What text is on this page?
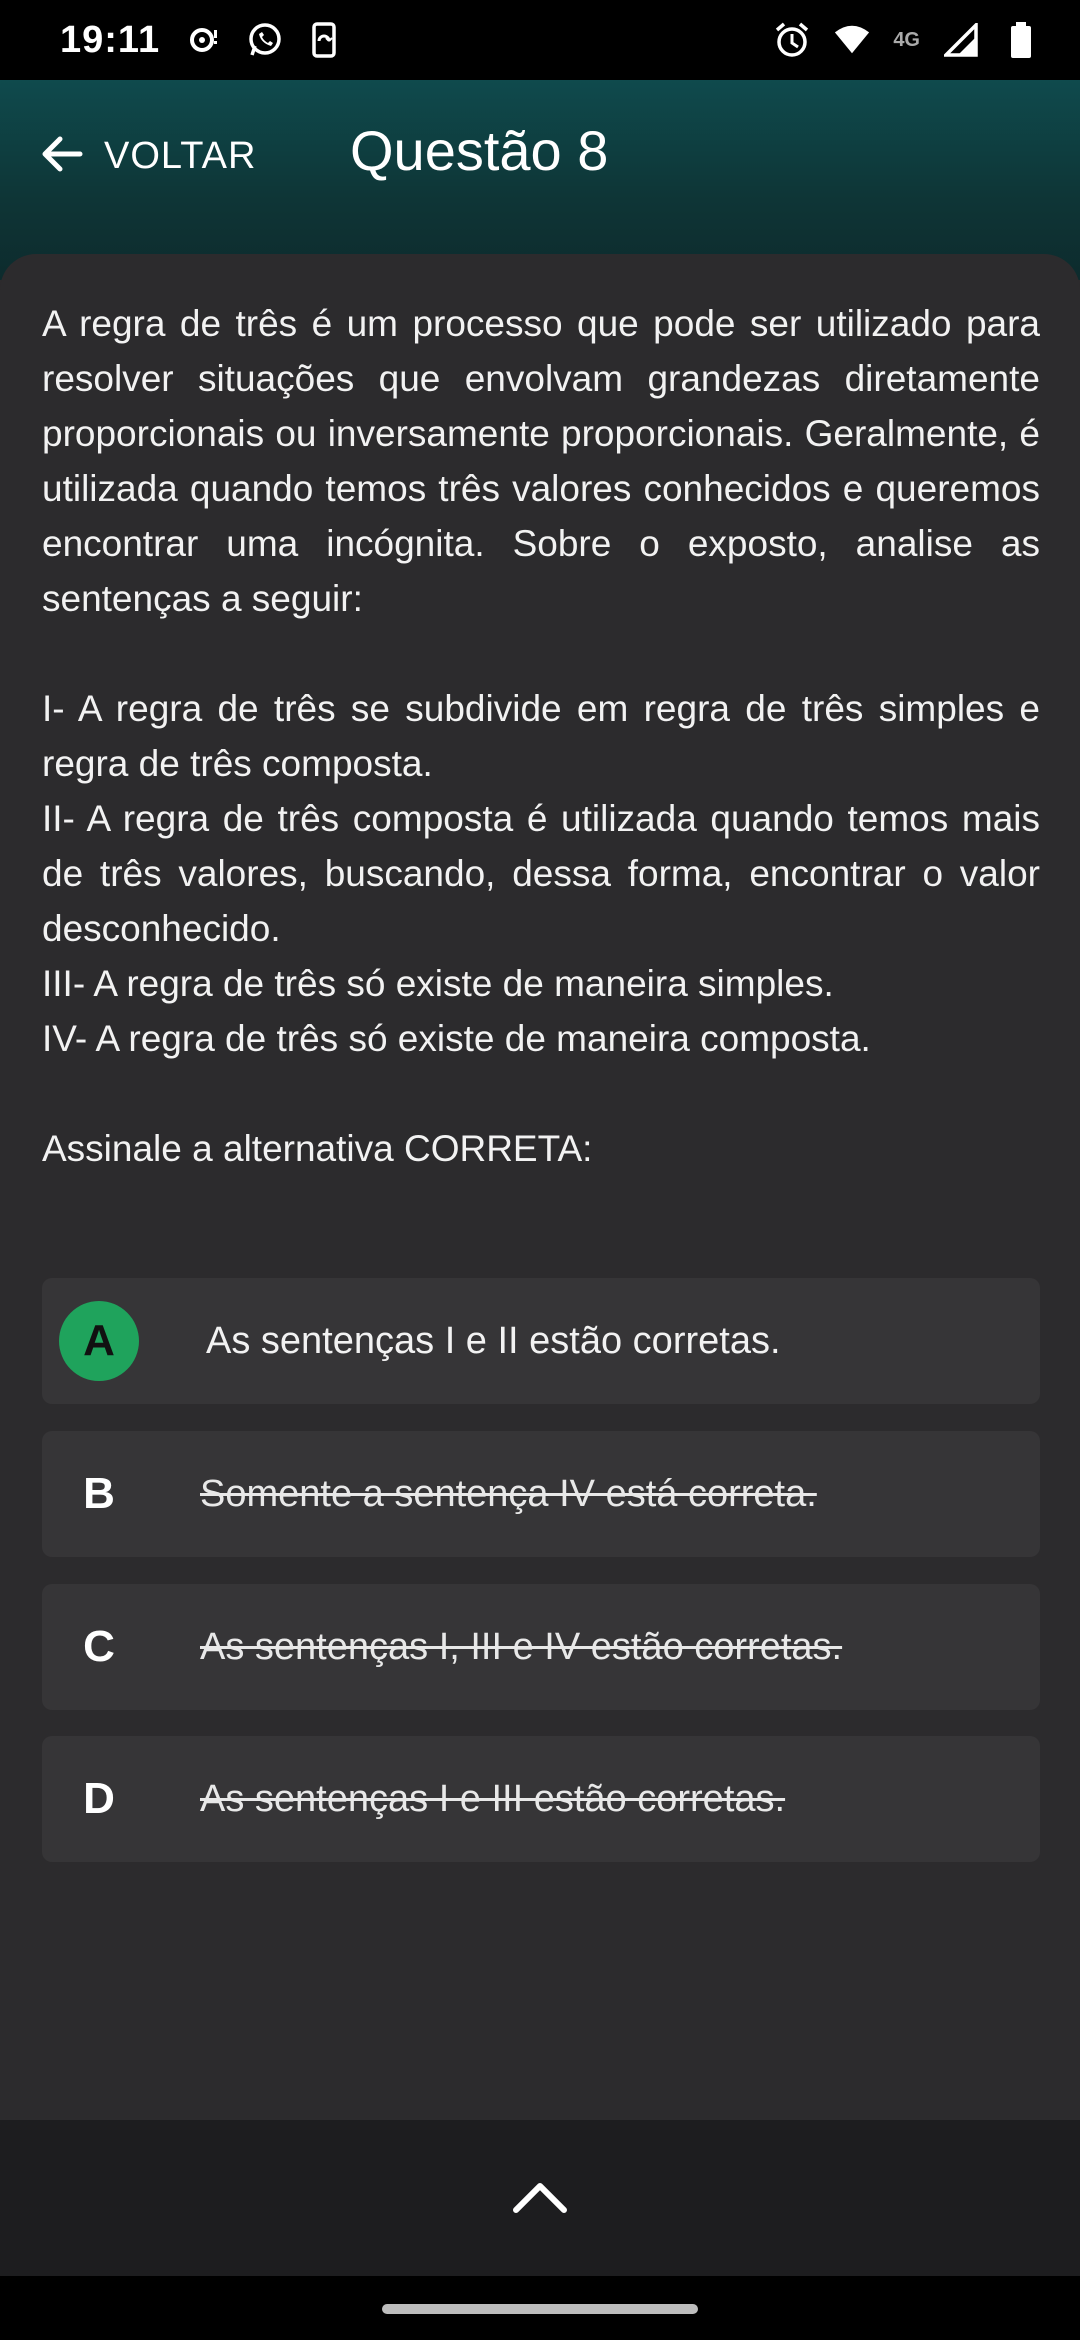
19:11	4G
VOLTAR Questão 8

A regra de três é um processo que pode ser utilizado para resolver situações que envolvam grandezas diretamente proporcionais ou inversamente proporcionais. Geralmente, é utilizada quando temos três valores conhecidos e queremos encontrar uma incógnita. Sobre o exposto, analise as sentenças a seguir:

I- A regra de três se subdivide em regra de três simples e regra de três composta.

II- A regra de três composta é utilizada quando temos mais de três valores, buscando, dessa forma, encontrar o valor desconhecido.

III- A regra de três só existe de maneira simples.

IV- A regra de três só existe de maneira composta.

Assinale a alternativa CORRETA:

A As sentenças I e II estão corretas.
B Somente a sentença IV está correta.
C As sentenças I, III e IV estão corretas.
D As sentenças I e III estão corretas.
